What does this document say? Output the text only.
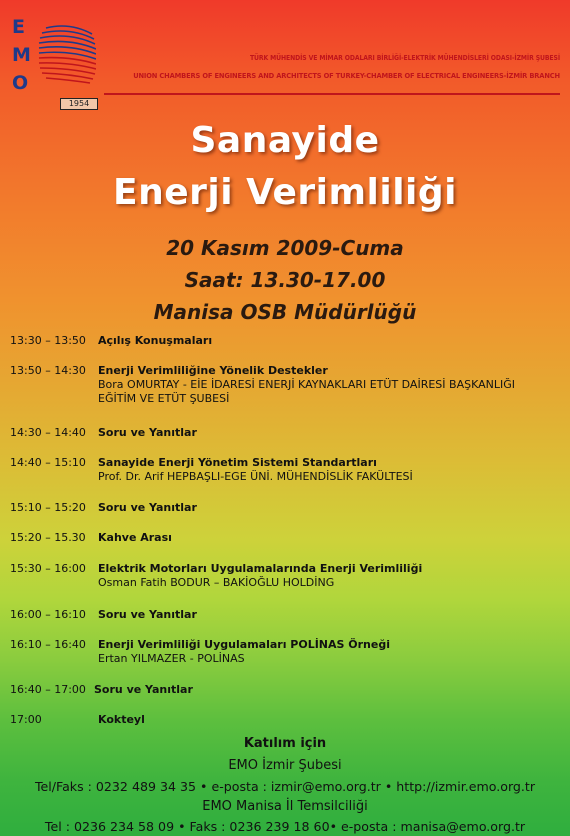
E
M
O
1954
TÜRK MÜHENDİS VE MİMAR ODALARI BİRLİĞİ-ELEKTRİK MÜHENDİSLERİ ODASI-İZMİR ŞUBESİ
UNION CHAMBERS OF ENGINEERS AND ARCHITECTS OF TURKEY-CHAMBER OF ELECTRICAL ENGINEERS-İZMİR BRANCH
Sanayide
Enerji Verimliliği
20 Kasım 2009-Cuma
Saat: 13.30-17.00
Manisa OSB Müdürlüğü
13:30 – 13:50	Açılış Konuşmaları
13:50 – 14:30	Enerji Verimliliğine Yönelik Destekler
Bora OMURTAY - EİE İDARESİ ENERJİ KAYNAKLARI ETÜT DAİRESİ BAŞKANLIĞI
EĞİTİM VE ETÜT ŞUBESİ
14:30 – 14:40	Soru ve Yanıtlar
14:40 – 15:10	Sanayide Enerji Yönetim Sistemi Standartları
Prof. Dr. Arif HEPBAŞLI-EGE ÜNİ. MÜHENDİSLİK FAKÜLTESİ
15:10 – 15:20	Soru ve Yanıtlar
15:20 – 15.30	Kahve Arası
15:30 – 16:00	Elektrik Motorları Uygulamalarında Enerji Verimliliği
Osman Fatih BODUR – BAKİOĞLU HOLDİNG
16:00 – 16:10	Soru ve Yanıtlar
16:10 – 16:40	Enerji Verimliliği Uygulamaları POLİNAS Örneği
Ertan YILMAZER - POLİNAS
16:40 – 17:00 Soru ve Yanıtlar
17:00	Kokteyl
Katılım için
EMO İzmir Şubesi
Tel/Faks : 0232 489 34 35 • e-posta : izmir@emo.org.tr • http://izmir.emo.org.tr
EMO Manisa İl Temsilciliği
Tel : 0236 234 58 09 • Faks : 0236 239 18 60• e-posta : manisa@emo.org.tr
